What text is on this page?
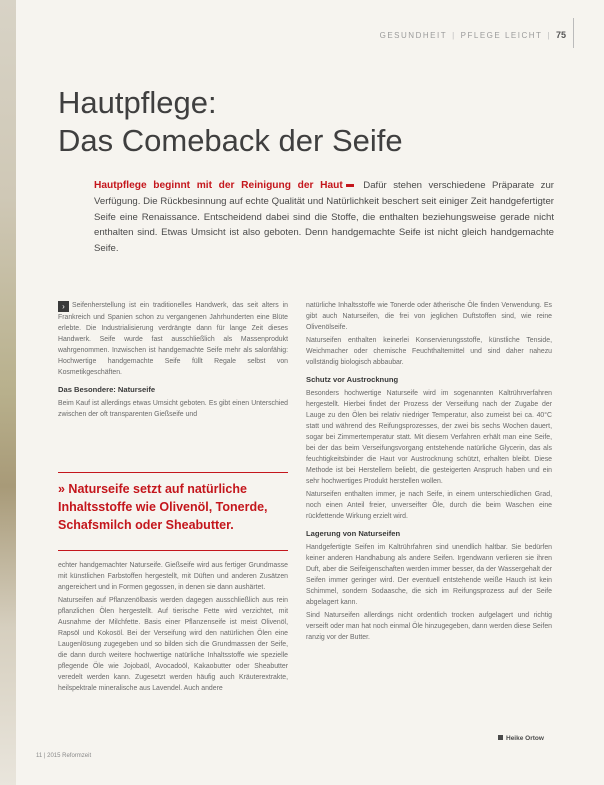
GESUNDHEIT | PFLEGE LEICHT | 75
Hautpflege:
Das Comeback der Seife

Hautpflege beginnt mit der Reinigung der Haut Dafür stehen verschiedene Präparate zur Verfügung. Die Rückbesinnung auf echte Qualität und Natürlichkeit beschert seit einiger Zeit handgefertigter Seife eine Renaissance. Entscheidend dabei sind die Stoffe, die enthalten beziehungsweise gerade nicht enthalten sind. Etwas Umsicht ist also geboten. Denn handgemachte Seife ist nicht gleich handgemachte Seife.

› Seifenherstellung ist ein traditionelles Handwerk, das seit alters in Frankreich und Spanien schon zu vergangenen Jahrhunderten eine Blüte erlebte. Die Industrialisierung verdrängte dann für lange Zeit dieses Handwerk. Seife wurde fast ausschließlich als Massenprodukt wahrgenommen. Inzwischen ist handgemachte Seife mehr als salonfähig: Hochwertige handgemachte Seife füllt Regale selbst von Kosmetikgeschäften.

Das Besondere: Naturseife

Beim Kauf ist allerdings etwas Umsicht geboten. Es gibt einen Unterschied zwischen der oft transparenten Gießseife und

» Naturseife setzt auf natürliche Inhaltsstoffe wie Olivenöl, Tonerde, Schafsmilch oder Sheabutter.

echter handgemachter Naturseife. Gießseife wird aus fertiger Grundmasse mit künstlichen Farbstoffen hergestellt, mit Düften und anderen Zusätzen angereichert und in Formen gegossen, in denen sie dann aushärtet.

Naturseifen auf Pflanzenölbasis werden dagegen ausschließlich aus rein pflanzlichen Ölen hergestellt. Auf tierische Fette wird verzichtet, mit Ausnahme der Milchfette. Basis einer Pflanzenseife ist meist Olivenöl, Rapsöl und Kokosöl. Bei der Verseifung wird den natürlichen Ölen eine Laugenlösung zugegeben und so bilden sich die Grundmassen der Seife, die dann durch weitere hochwertige natürliche Inhaltsstoffe wie spezielle pflegende Öle wie Jojobaöl, Avocadoöl, Kakaobutter oder Sheabutter veredelt werden kann. Zugesetzt werden häufig auch Kräuterextrakte, heilspektrale mineralische aus Lavendel. Auch andere

natürliche Inhaltsstoffe wie Tonerde oder ätherische Öle finden Verwendung. Es gibt auch Naturseifen, die frei von jeglichen Duftstoffen sind, wie reine Olivenölseife.

Naturseifen enthalten keinerlei Konservierungsstoffe, künstliche Tenside, Weichmacher oder chemische Feuchthaltemittel und sind daher nahezu vollständig biologisch abbaubar.

Schutz vor Austrocknung

Besonders hochwertige Naturseife wird im sogenannten Kaltrührverfahren hergestellt. Hierbei findet der Prozess der Verseifung nach der Zugabe der Lauge zu den Ölen bei relativ niedriger Temperatur, also zumeist bei ca. 40°C statt und während des Reifungsprozesses, der zwei bis sechs Wochen dauert, sogar bei Zimmertemperatur statt. Mit diesem Verfahren erhält man eine Seife, bei der das beim Verseifungsvorgang entstehende natürliche Glycerin, das als feuchtigkeitsbinder die Haut vor Austrocknung schützt, erhalten bleibt. Diese Methode ist bei Herstellern beliebt, die gesteigerten Anspruch haben und ein sehr hochwertiges Produkt herstellen wollen.

Naturseifen enthalten immer, je nach Seife, in einem unterschiedlichen Grad, noch einen Anteil freier, unverseifter Öle, durch die beim Waschen eine rückfettende Wirkung erzielt wird.

Lagerung von Naturseifen

Handgefertigte Seifen im Kaltrührfahren sind unendlich haltbar. Sie bedürfen keiner anderen Handhabung als andere Seifen. Irgendwann verlieren sie ihren Duft, aber die Seifeigenschaften werden immer besser, da der Wassergehalt der Seifen immer geringer wird. Der eventuell entstehende weiße Hauch ist kein Schimmel, sondern Sodaasche, die sich im Reifungsprozess auf der Seife abgelagert kann.

Sind Naturseifen allerdings nicht ordentlich trocken aufgelagert und richtig verseift oder man hat noch einmal Öle hinzugegeben, dann werden diese Seifen ranzig vor der Butter.

Heike Ortow
11 | 2015 Reformzeit
